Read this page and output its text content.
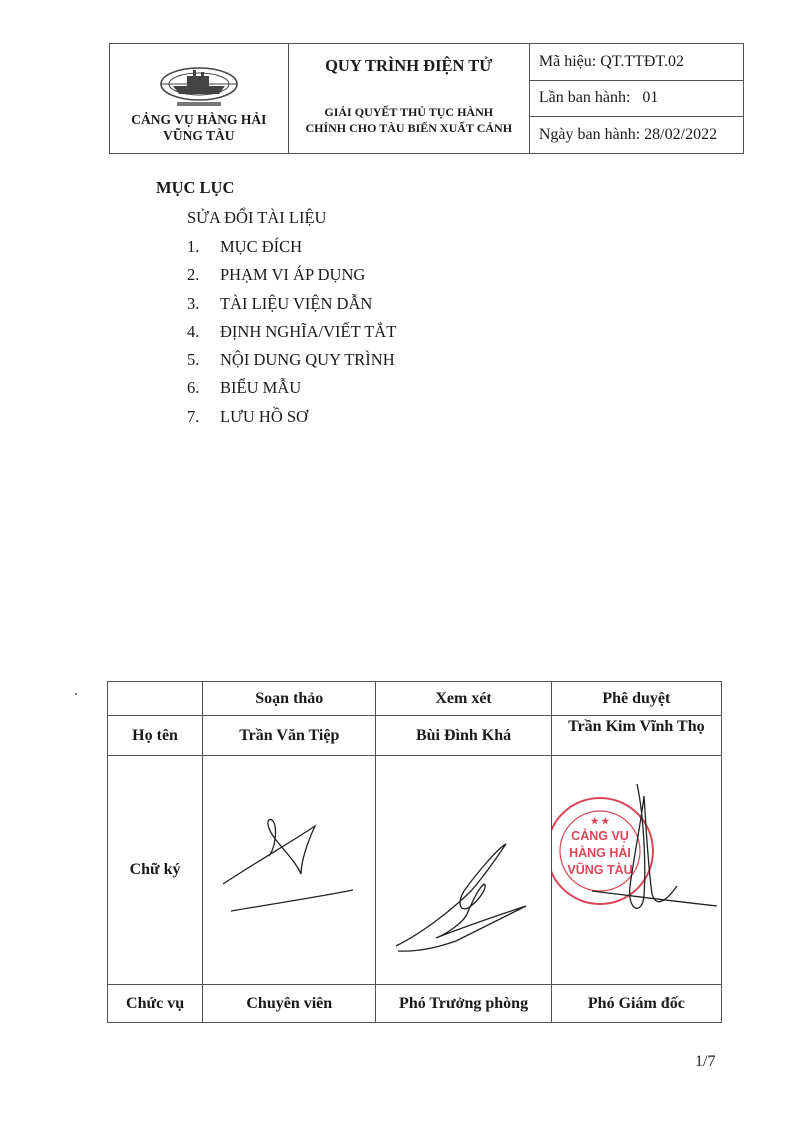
CẢNG VỤ HÀNG HẢI
VŨNG TÀU

QUY TRÌNH ĐIỆN TỬ
GIẢI QUYẾT THỦ TỤC HÀNH
CHÍNH CHO TÀU BIỂN XUẤT CẢNH
	Mã hiệu: QT.TTĐT.02
Lần ban hành: 01
Ngày ban hành: 28/02/2022
MỤC LỤC
SỬA ĐỔI TÀI LIỆU
1. MỤC ĐÍCH
2. PHẠM VI ÁP DỤNG
3. TÀI LIỆU VIỆN DẪN
4. ĐỊNH NGHĨA/VIẾT TẮT
5. NỘI DUNG QUY TRÌNH
6. BIỂU MẪU
7. LƯU HỒ SƠ
	Soạn thảo	Xem xét	Phê duyệt
Họ tên	Trần Văn Tiệp	Bùi Đình Khá	Trần Kim Vĩnh Thọ
Chữ ký			★ ★
CẢNG VỤ
HÀNG HẢI
VŨNG TÀU

Chức vụ	Chuyên viên	Phó Trưởng phòng	Phó Giám đốc
1/7
